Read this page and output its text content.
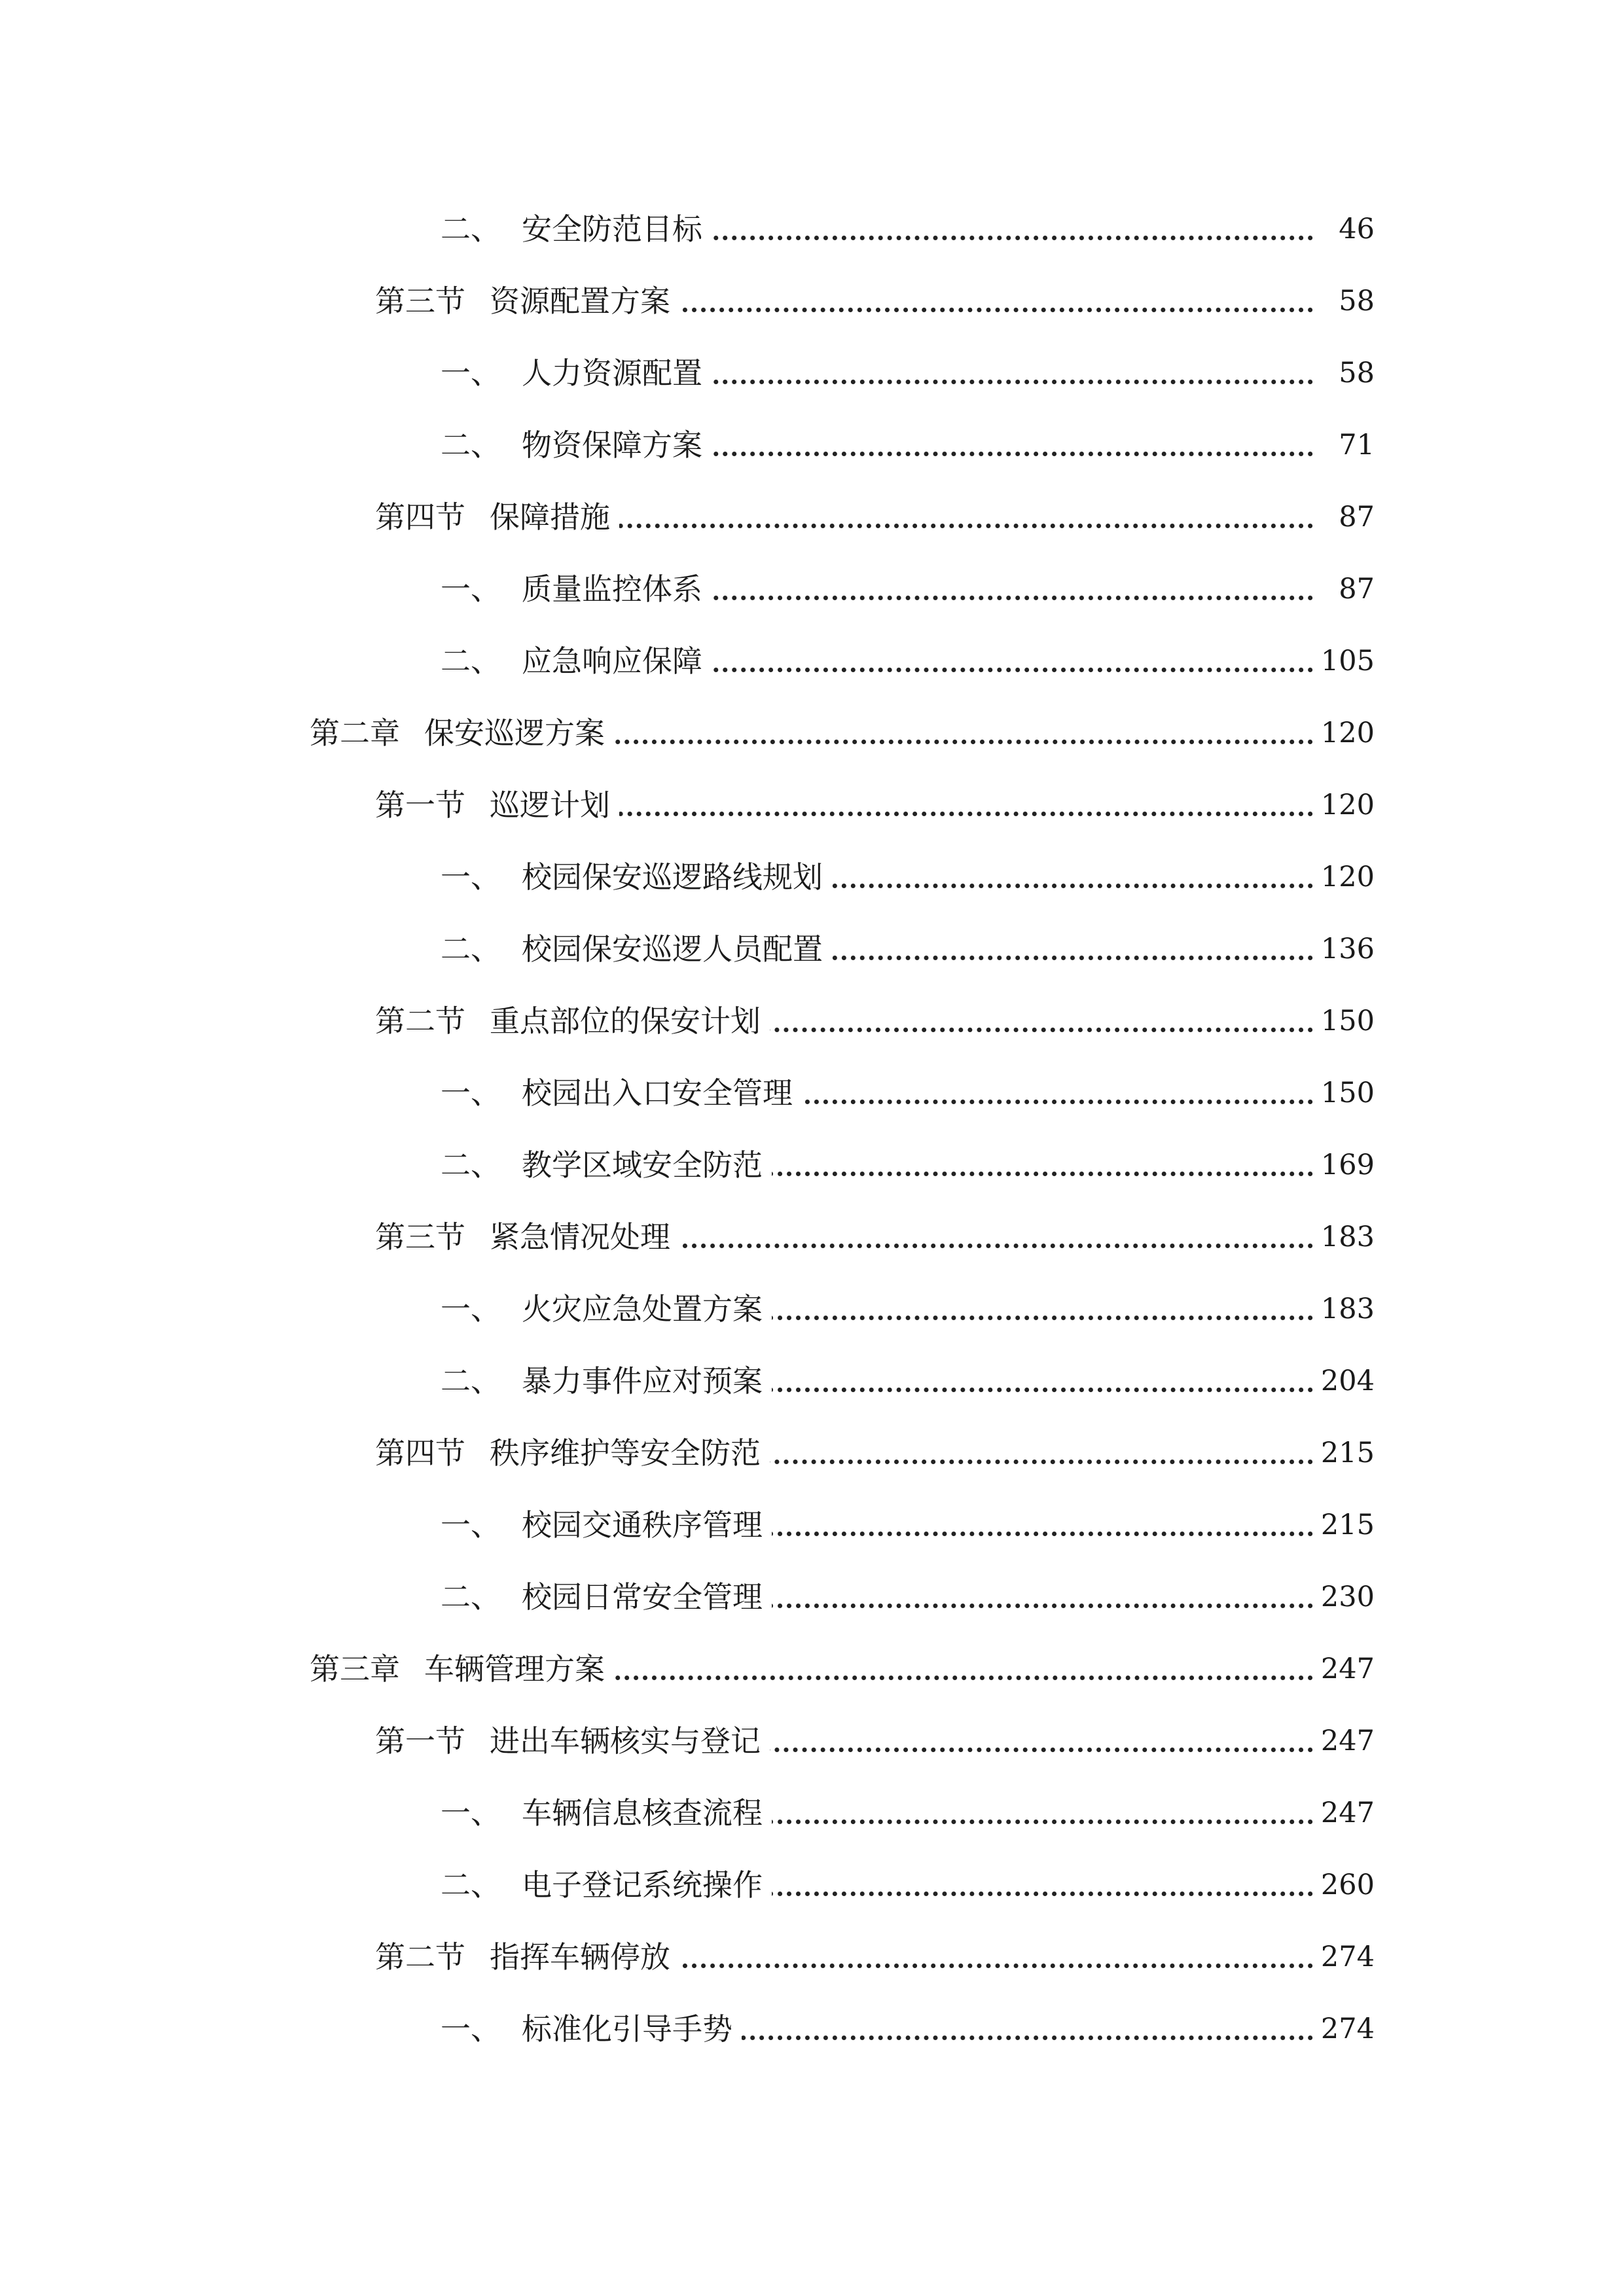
二、 安全防范目标	46
第三节 资源配置方案	58
一、 人力资源配置	58
二、 物资保障方案	71
第四节 保障措施	87
一、 质量监控体系	87
二、 应急响应保障	105
第二章 保安巡逻方案	120
第一节 巡逻计划	120
一、 校园保安巡逻路线规划	120
二、 校园保安巡逻人员配置	136
第二节 重点部位的保安计划	150
一、 校园出入口安全管理	150
二、 教学区域安全防范	169
第三节 紧急情况处理	183
一、 火灾应急处置方案	183
二、 暴力事件应对预案	204
第四节 秩序维护等安全防范	215
一、 校园交通秩序管理	215
二、 校园日常安全管理	230
第三章 车辆管理方案	247
第一节 进出车辆核实与登记	247
一、 车辆信息核查流程	247
二、 电子登记系统操作	260
第二节 指挥车辆停放	274
一、 标准化引导手势	274
